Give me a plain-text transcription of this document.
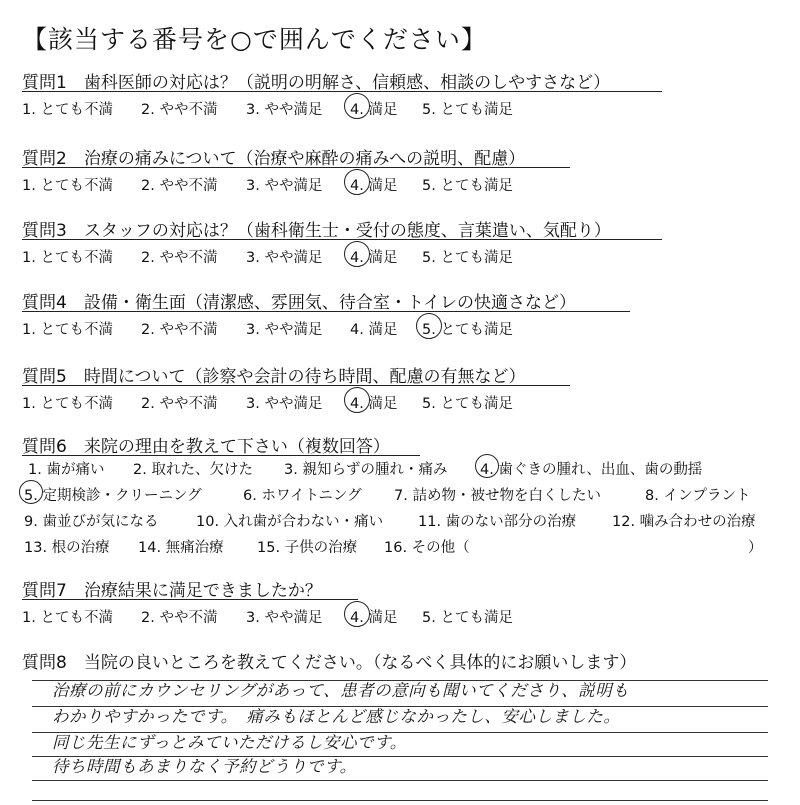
【該当する番号を○で囲んでください】
質問1　歯科医師の対応は？（説明の明解さ、信頼感、相談のしやすさなど）
1. とても不満 2. やや不満 3. やや満足 4. 満足 5. とても満足
質問2　治療の痛みについて（治療や麻酔の痛みへの説明、配慮）
1. とても不満 2. やや不満 3. やや満足 4. 満足 5. とても満足
質問3　スタッフの対応は？（歯科衛生士・受付の態度、言葉遣い、気配り）
1. とても不満 2. やや不満 3. やや満足 4. 満足 5. とても満足
質問4　設備・衛生面（清潔感、雰囲気、待合室・トイレの快適さなど）
1. とても不満 2. やや不満 3. やや満足 4. 満足 5. とても満足
質問5　時間について（診察や会計の待ち時間、配慮の有無など）
1. とても不満 2. やや不満 3. やや満足 4. 満足 5. とても満足
質問6　来院の理由を教えて下さい（複数回答）
1. 歯が痛い 2. 取れた、欠けた 3. 親知らずの腫れ・痛み 4. 歯ぐきの腫れ、出血、歯の動揺
5. 定期検診・クリーニング	6. ホワイトニング 7. 詰め物・被せ物を白くしたい	8. インプラント
9. 歯並びが気になる	10. 入れ歯が合わない・痛い 11. 歯のない部分の治療 12. 噛み合わせの治療
13. 根の治療 14. 無痛治療 15. 子供の治療 16. その他（	）
質問7　治療結果に満足できましたか？
1. とても不満 2. やや不満 3. やや満足 4. 満足 5. とても満足
質問8　当院の良いところを教えてください。（なるべく具体的にお願いします）
治療の前にカウンセリングがあって、患者の意向も聞いてくださり、説明も
わかりやすかったです。　痛みもほとんど感じなかったし、安心しました。
同じ先生にずっとみていただけるし安心です。
待ち時間もあまりなく予約どうりです。
